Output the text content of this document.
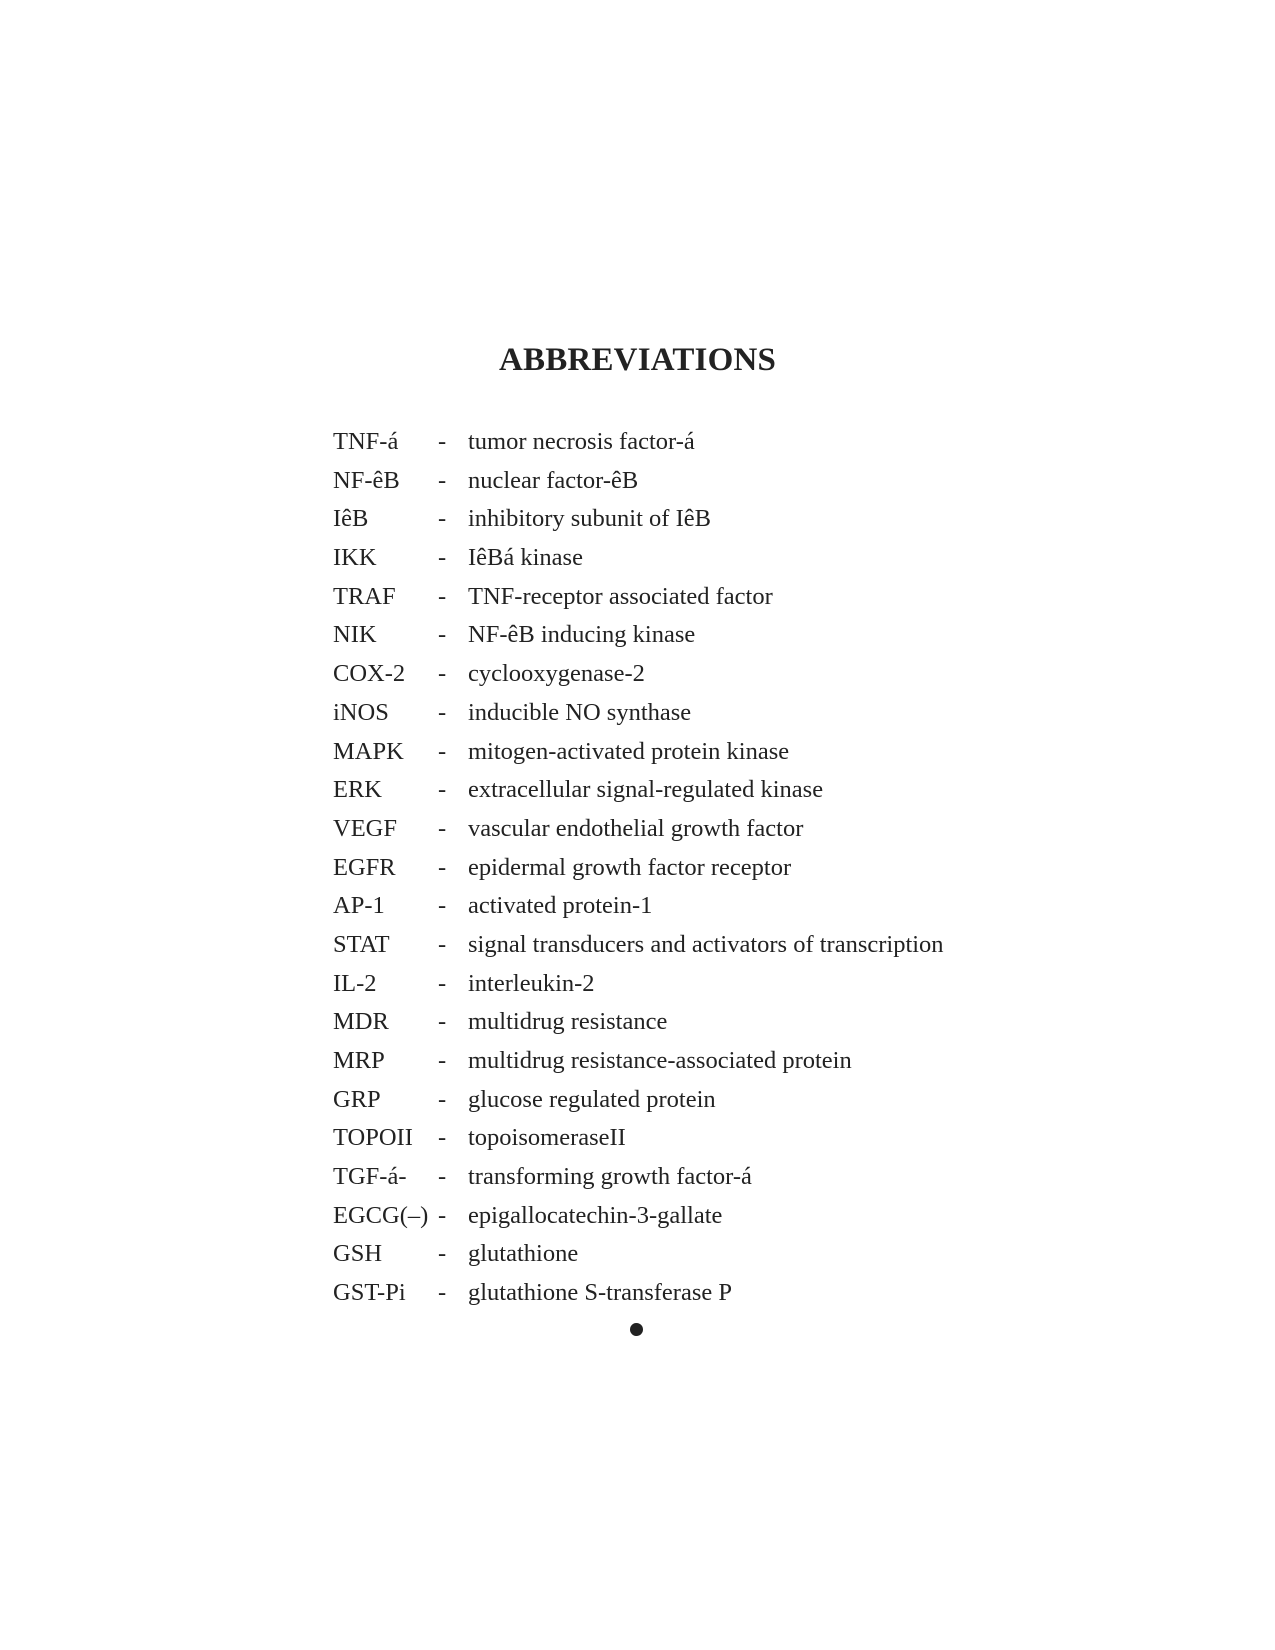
ABBREVIATIONS
TNF-á - tumor necrosis factor-á
NF-êB - nuclear factor-êB
IêB	- inhibitory subunit of IêB
IKK	- IêBá kinase
TRAF - TNF-receptor associated factor
NIK	- NF-êB inducing kinase
COX-2 - cyclooxygenase-2
iNOS - inducible NO synthase
MAPK - mitogen-activated protein kinase
ERK - extracellular signal-regulated kinase
VEGF - vascular endothelial growth factor
EGFR - epidermal growth factor receptor
AP-1 - activated protein-1
STAT - signal transducers and activators of transcription
IL-2	- interleukin-2
MDR - multidrug resistance
MRP - multidrug resistance-associated protein
GRP - glucose regulated protein
TOPOII - topoisomeraseII
TGF-á- - transforming growth factor-á
EGCG(–) - epigallocatechin-3-gallate
GSH - glutathione
GST-Pi - glutathione S-transferase P
